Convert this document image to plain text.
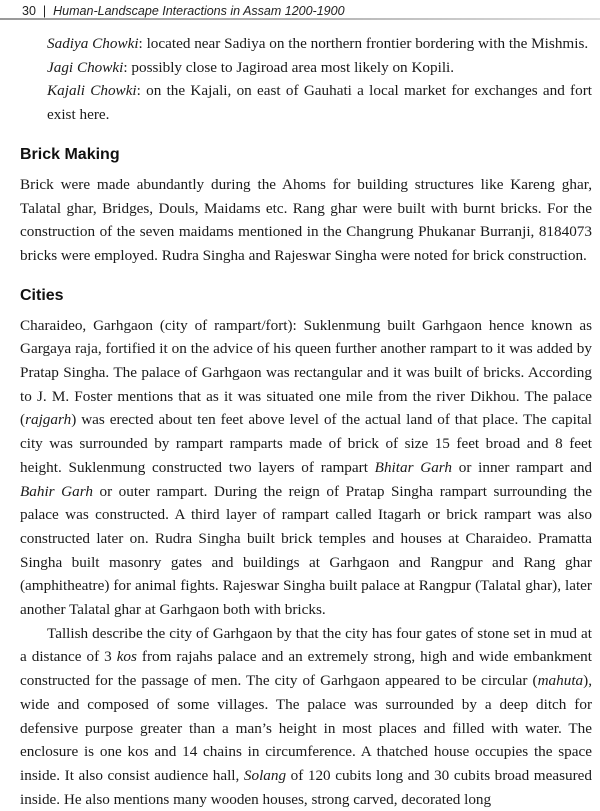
30 | Human-Landscape Interactions in Assam 1200-1900

Sadiya Chowki: located near Sadiya on the northern frontier bordering with the Mishmis.

Jagi Chowki: possibly close to Jagiroad area most likely on Kopili.

Kajali Chowki: on the Kajali, on east of Gauhati a local market for exchanges and fort exist here.

Brick Making

Brick were made abundantly during the Ahoms for building structures like Kareng ghar, Talatal ghar, Bridges, Douls, Maidams etc. Rang ghar were built with burnt bricks. For the construction of the seven maidams mentioned in the Changrung Phukanar Burranji, 8184073 bricks were employed. Rudra Singha and Rajeswar Singha were noted for brick construction.

Cities

Charaideo, Garhgaon (city of rampart/fort): Suklenmung built Garhgaon hence known as Gargaya raja, fortified it on the advice of his queen further another rampart to it was added by Pratap Singha. The palace of Garhgaon was rectangular and it was built of bricks. According to J. M. Foster mentions that as it was situated one mile from the river Dikhou. The palace (rajgarh) was erected about ten feet above level of the actual land of that place. The capital city was surrounded by rampart ramparts made of brick of size 15 feet broad and 8 feet height. Suklenmung constructed two layers of rampart Bhitar Garh or inner rampart and Bahir Garh or outer rampart. During the reign of Pratap Singha rampart surrounding the palace was constructed. A third layer of rampart called Itagarh or brick rampart was also constructed later on. Rudra Singha built brick temples and houses at Charaideo. Pramatta Singha built masonry gates and buildings at Garhgaon and Rangpur and Rang ghar (amphitheatre) for animal fights. Rajeswar Singha built palace at Rangpur (Talatal ghar), later another Talatal ghar at Garhgaon both with bricks.

Tallish describe the city of Garhgaon by that the city has four gates of stone set in mud at a distance of 3 kos from rajahs palace and an extremely strong, high and wide embankment constructed for the passage of men. The city of Garhgaon appeared to be circular (mahuta), wide and composed of some villages. The palace was surrounded by a deep ditch for defensive purpose greater than a man’s height in most places and filled with water. The enclosure is one kos and 14 chains in circumference. A thatched house occupies the space inside. It also consist audience hall, Solang of 120 cubits long and 30 cubits broad measured inside. He also mentions many wooden houses, strong carved, decorated long
